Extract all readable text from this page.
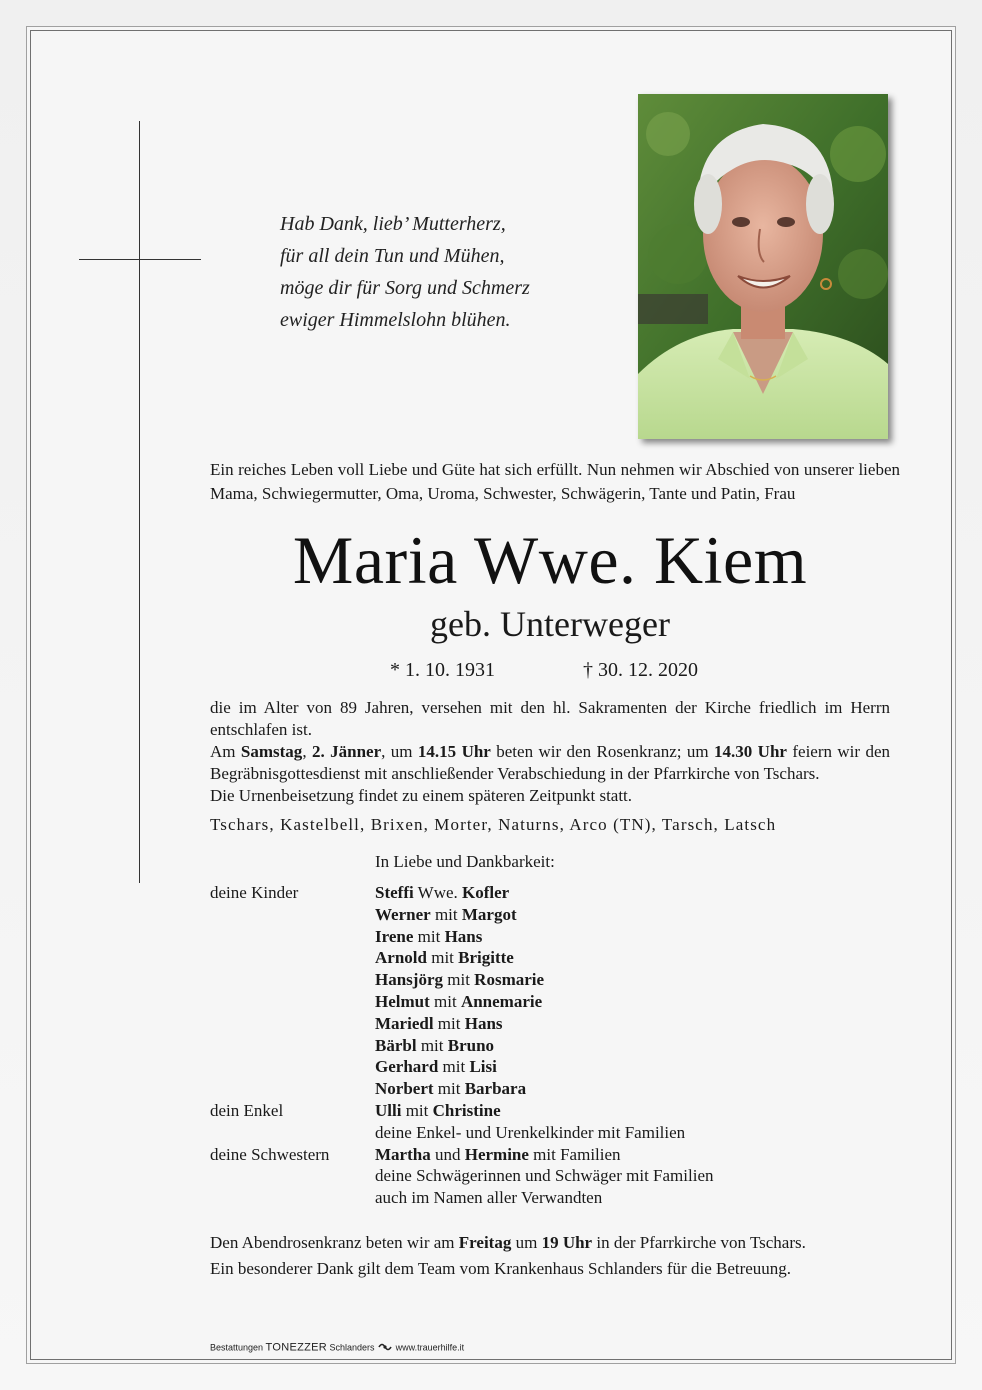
Hab Dank, lieb’ Mutterherz,
für all dein Tun und Mühen,
möge dir für Sorg und Schmerz
ewiger Himmelslohn blühen.
Ein reiches Leben voll Liebe und Güte hat sich erfüllt. Nun nehmen wir Abschied von unserer lieben Mama, Schwiegermutter, Oma, Uroma, Schwester, Schwägerin, Tante und Patin, Frau
Maria Wwe. Kiem
geb. Unterweger
* 1. 10. 1931	† 30. 12. 2020
die im Alter von 89 Jahren, versehen mit den hl. Sakramenten der Kirche friedlich im Herrn entschlafen ist.
Am Samstag, 2. Jänner, um 14.15 Uhr beten wir den Rosenkranz; um 14.30 Uhr feiern wir den Begräbnisgottesdienst mit anschließender Verabschiedung in der Pfarrkirche von Tschars.
Die Urnenbeisetzung findet zu einem späteren Zeitpunkt statt.
Tschars, Kastelbell, Brixen, Morter, Naturns, Arco (TN), Tarsch, Latsch
In Liebe und Dankbarkeit:
deine Kinder
dein Enkel
deine Schwestern
Steffi Wwe. Kofler
Werner mit Margot
Irene mit Hans
Arnold mit Brigitte
Hansjörg mit Rosmarie
Helmut mit Annemarie
Mariedl mit Hans
Bärbl mit Bruno
Gerhard mit Lisi
Norbert mit Barbara
Ulli mit Christine
deine Enkel- und Urenkelkinder mit Familien
Martha und Hermine mit Familien
deine Schwägerinnen und Schwäger mit Familien
auch im Namen aller Verwandten
Den Abendrosenkranz beten wir am Freitag um 19 Uhr in der Pfarrkirche von Tschars.
Ein besonderer Dank gilt dem Team vom Krankenhaus Schlanders für die Betreuung.
Bestattungen TONEZZER Schlanders www.trauerhilfe.it
